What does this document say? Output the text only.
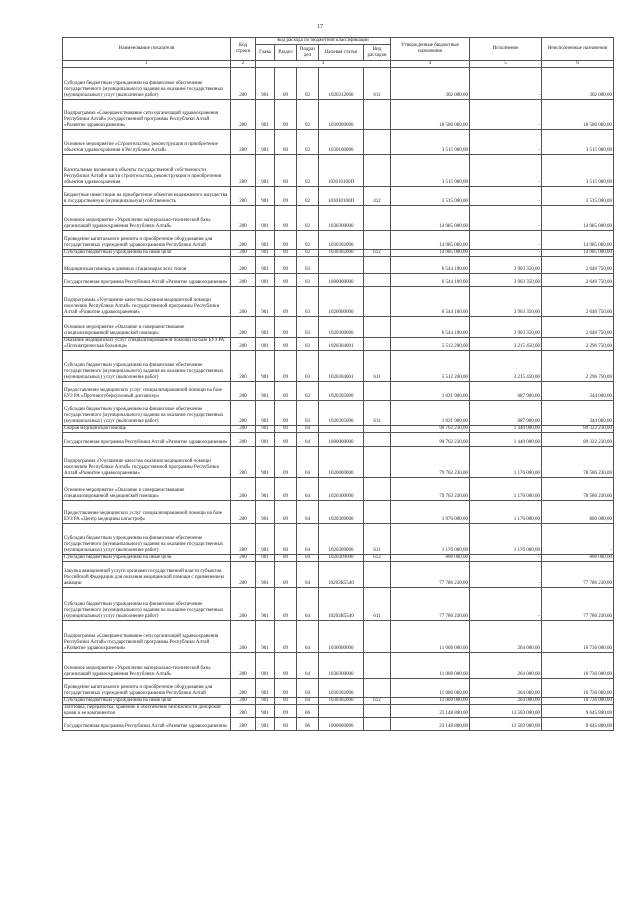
17
Наименование показателя	Код строки	Код расхода по бюджетной классификации					Утвержденные бюджетные назначения	Исполнение	Неисполненные назначения
		Глава	Раздел	Подраз дел	Целевая статья	Вид расходов			
1	2	3					4	5	6
Субсидии бюджетным учреждениям на финансовое обеспечение государственного (муниципального) задания на оказание государственных (муниципальных) услуг (выполнение работ)	200	901	09	02	1020312000	611	302 000,00	-	302 000,00
Подпрограмма «Совершенствование сети организаций здравоохранения Республики Алтай» государственной программы Республики Алтай «Развитие здравоохранения»	200	901	09	02	1030000000		18 500 000,00	-	18 500 000,00
Основное мероприятие «Строительство, реконструкция и приобретение объектов здравоохранения в Республике Алтай»	200	901	09	02	1030100000		3 515 000,00	-	3 515 000,00
Капитальные вложения в объекты государственной собственности Республики Алтай в части строительства, реконструкции и приобретения объектов здравоохранения	200	901	09	02	103010100П		3 515 000,00	-	3 515 000,00
Бюджетные инвестиции на приобретение объектов недвижимого имущества в государственную (муниципальную) собственность	200	901	09	02	103010100П	412	3 515 000,00	-	3 515 000,00
Основное мероприятие «Укрепление материально-технической базы организаций здравоохранения Республики Алтай»	200	901	09	02	1030300000		14 985 000,00	-	14 985 000,00
Проведение капитального ремонта и приобретение оборудования для государственных учреждений здравоохранения Республики Алтай	200	901	09	02	1030302000		14 985 000,00	-	14 985 000,00
Субсидии бюджетным учреждениям на иные цели	200	901	09	02	1030302000	612	14 985 000,00	-	14 985 000,00
Медицинская помощь в дневных стационарах всех типов	200	901	09	03			6 544 100,00	3 903 350,00	2 640 750,00
Государственная программа Республики Алтай «Развитие здравоохранения»	200	901	09	03	1000000000		6 544 100,00	3 903 350,00	2 640 750,00
Подпрограмма «Улучшение качества оказания медицинской помощи населению Республики Алтай» государственной программы Республики Алтай «Развитие здравоохранения»	200	901	09	03	1020000000		6 544 100,00	3 903 350,00	2 640 750,00
Основное мероприятие «Оказание и совершенствование специализированной медицинской помощи»	200	901	09	03	1020300000		6 544 100,00	3 903 350,00	2 640 750,00
Оказание медицинских услуг специализированной помощи на базе БУЗ РА «Психиатрическая больница»	200	901	09	03	1020304001		5 512 200,00	3 215 450,00	2 296 750,00
Субсидии бюджетным учреждениям на финансовое обеспечение государственного (муниципального) задания на оказание государственных (муниципальных) услуг (выполнение работ)	200	901	09	03	1020304001	611	5 512 200,00	3 215 450,00	2 296 750,00
Предоставление медицинских услуг специализированной помощи на базе БУЗ РА «Противотуберкулезный диспансер»	200	901	09	03	1020305000		1 031 900,00	687 900,00	344 000,00
Субсидии бюджетным учреждениям на финансовое обеспечение государственного (муниципального) задания на оказание государственных (муниципальных) услуг (выполнение работ)	200	901	09	03	1020305000	611	1 031 900,00	687 900,00	344 000,00
Скорая медицинская помощь	200	901	09	04			90 762 230,00	1 440 000,00	89 322 230,00
Государственная программа Республики Алтай «Развитие здравоохранения»	200	901	09	04	1000000000		90 762 230,00	1 440 000,00	89 322 230,00
Подпрограмма «Улучшение качества оказания медицинской помощи населению Республики Алтай» государственной программы Республики Алтай «Развитие здравоохранения»	200	901	09	04	1020000000		79 762 230,00	1 176 000,00	78 586 230,00
Основное мероприятие «Оказание и совершенствование специализированной медицинской помощи»	200	901	09	04	1020300000		79 762 230,00	1 176 000,00	78 586 230,00
Предоставление медицинских услуг специализированной помощи на базе БУЗ РА «Центр медицины катастроф»	200	901	09	04	1020309000		1 976 000,00	1 176 000,00	800 000,00
Субсидии бюджетным учреждениям на финансовое обеспечение государственного (муниципального) задания на оказание государственных (муниципальных) услуг (выполнение работ)	200	901	09	04	1020309000	611	1 176 000,00	1 176 000,00	-
Субсидии бюджетным учреждениям на иные цели	200	901	09	04	1020309000	612	800 000,00	-	800 000,00
Закупка авиационной услуги органами государственной власти субъектов Российской Федерации для оказания медицинской помощи с применением авиации	200	901	09	04	10203R5540		77 786 230,00	-	77 786 230,00
Субсидии бюджетным учреждениям на финансовое обеспечение государственного (муниципального) задания на оказание государственных (муниципальных) услуг (выполнение работ)	200	901	09	04	10203R5540	611	77 786 230,00	-	77 786 230,00
Подпрограмма «Совершенствование сети организаций здравоохранения Республики Алтай» государственной программы Республики Алтай «Развитие здравоохранения»	200	901	09	04	1030000000		11 000 000,00	264 000,00	10 736 000,00
Основное мероприятие «Укрепление материально-технической базы организаций здравоохранения Республики Алтай»	200	901	09	04	1030300000		11 000 000,00	264 000,00	10 736 000,00
Проведение капитального ремонта и приобретение оборудования для государственных учреждений здравоохранения Республики Алтай	200	901	09	04	1030302000		11 000 000,00	264 000,00	10 736 000,00
Субсидии бюджетным учреждениям на иные цели	200	901	09	04	1030302000	612	11 000 000,00	264 000,00	10 736 000,00
Заготовка, переработка, хранение и обеспечение безопасности донорской крови и ее компонентов	200	901	09	06			23 148 800,00	13 503 000,00	9 645 800,00
Государственная программа Республики Алтай «Развитие здравоохранения»	200	901	09	06	1000000000		23 148 800,00	13 503 000,00	9 645 800,00
